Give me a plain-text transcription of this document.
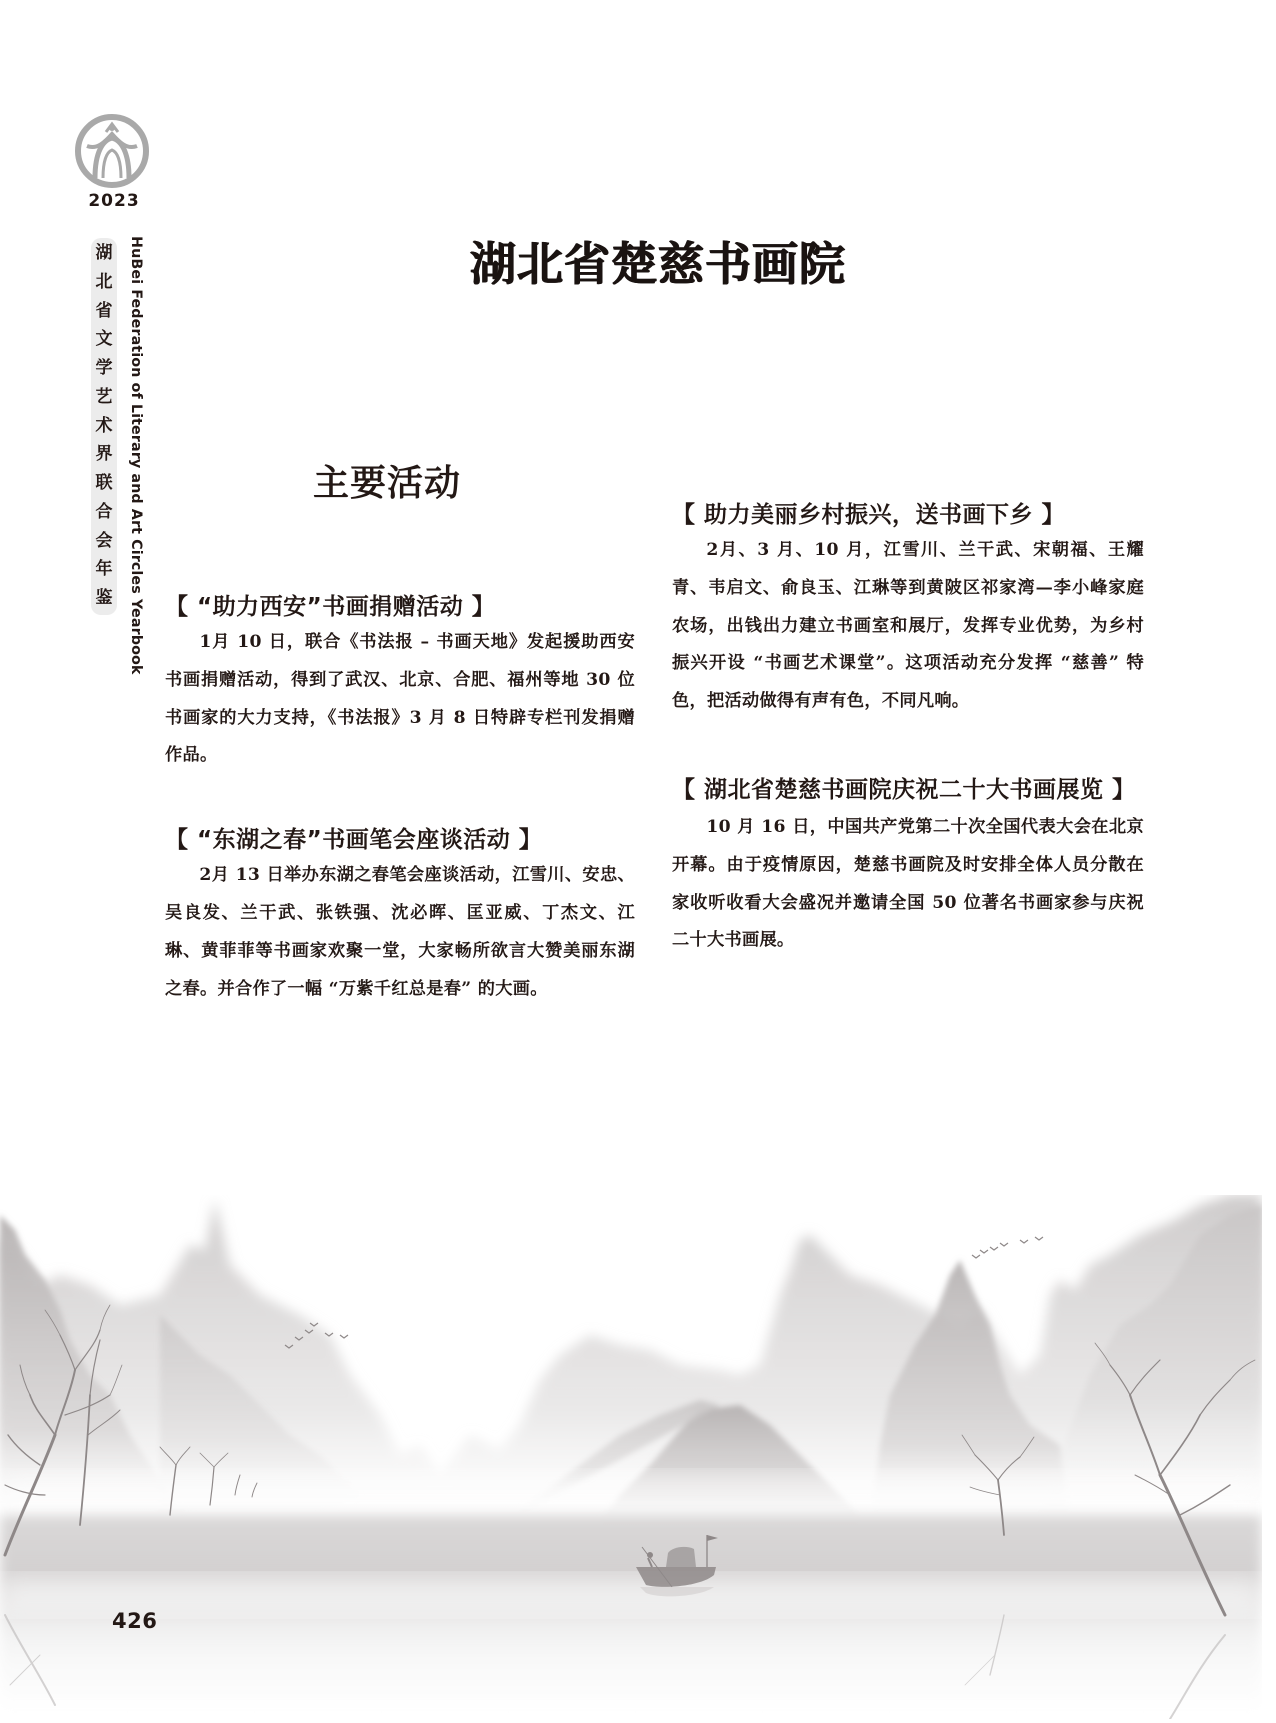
2023
湖
北
省
文
学
艺
术
界
联
合
会
年
鉴 HuBei Federation of Literary and Art Circles Yearbook	湖北省楚慈书画院
主要活动
【 “助力西安”书画捐赠活动 】

1月 10 日，联合《书法报 – 书画天地》发起援助西安书画捐赠活动，得到了武汉、北京、合肥、福州等地 30 位书画家的大力支持，《书法报》3 月 8 日特辟专栏刊发捐赠作品。

【 “东湖之春”书画笔会座谈活动 】

2月 13 日举办东湖之春笔会座谈活动，江雪川、安忠、吴良发、兰干武、张铁强、沈必晖、匡亚威、丁杰文、江琳、黄菲菲等书画家欢聚一堂，大家畅所欲言大赞美丽东湖之春。并合作了一幅 “万紫千红总是春” 的大画。

【 助力美丽乡村振兴，送书画下乡 】

2月、3 月、10 月，江雪川、兰干武、宋朝福、王耀青、韦启文、俞良玉、江琳等到黄陂区祁家湾—李小峰家庭农场，出钱出力建立书画室和展厅，发挥专业优势，为乡村振兴开设 “书画艺术课堂”。这项活动充分发挥 “慈善” 特色，把活动做得有声有色，不同凡响。

【 湖北省楚慈书画院庆祝二十大书画展览 】

10 月 16 日，中国共产党第二十次全国代表大会在北京开幕。由于疫情原因，楚慈书画院及时安排全体人员分散在家收听收看大会盛况并邀请全国 50 位著名书画家参与庆祝二十大书画展。

426
